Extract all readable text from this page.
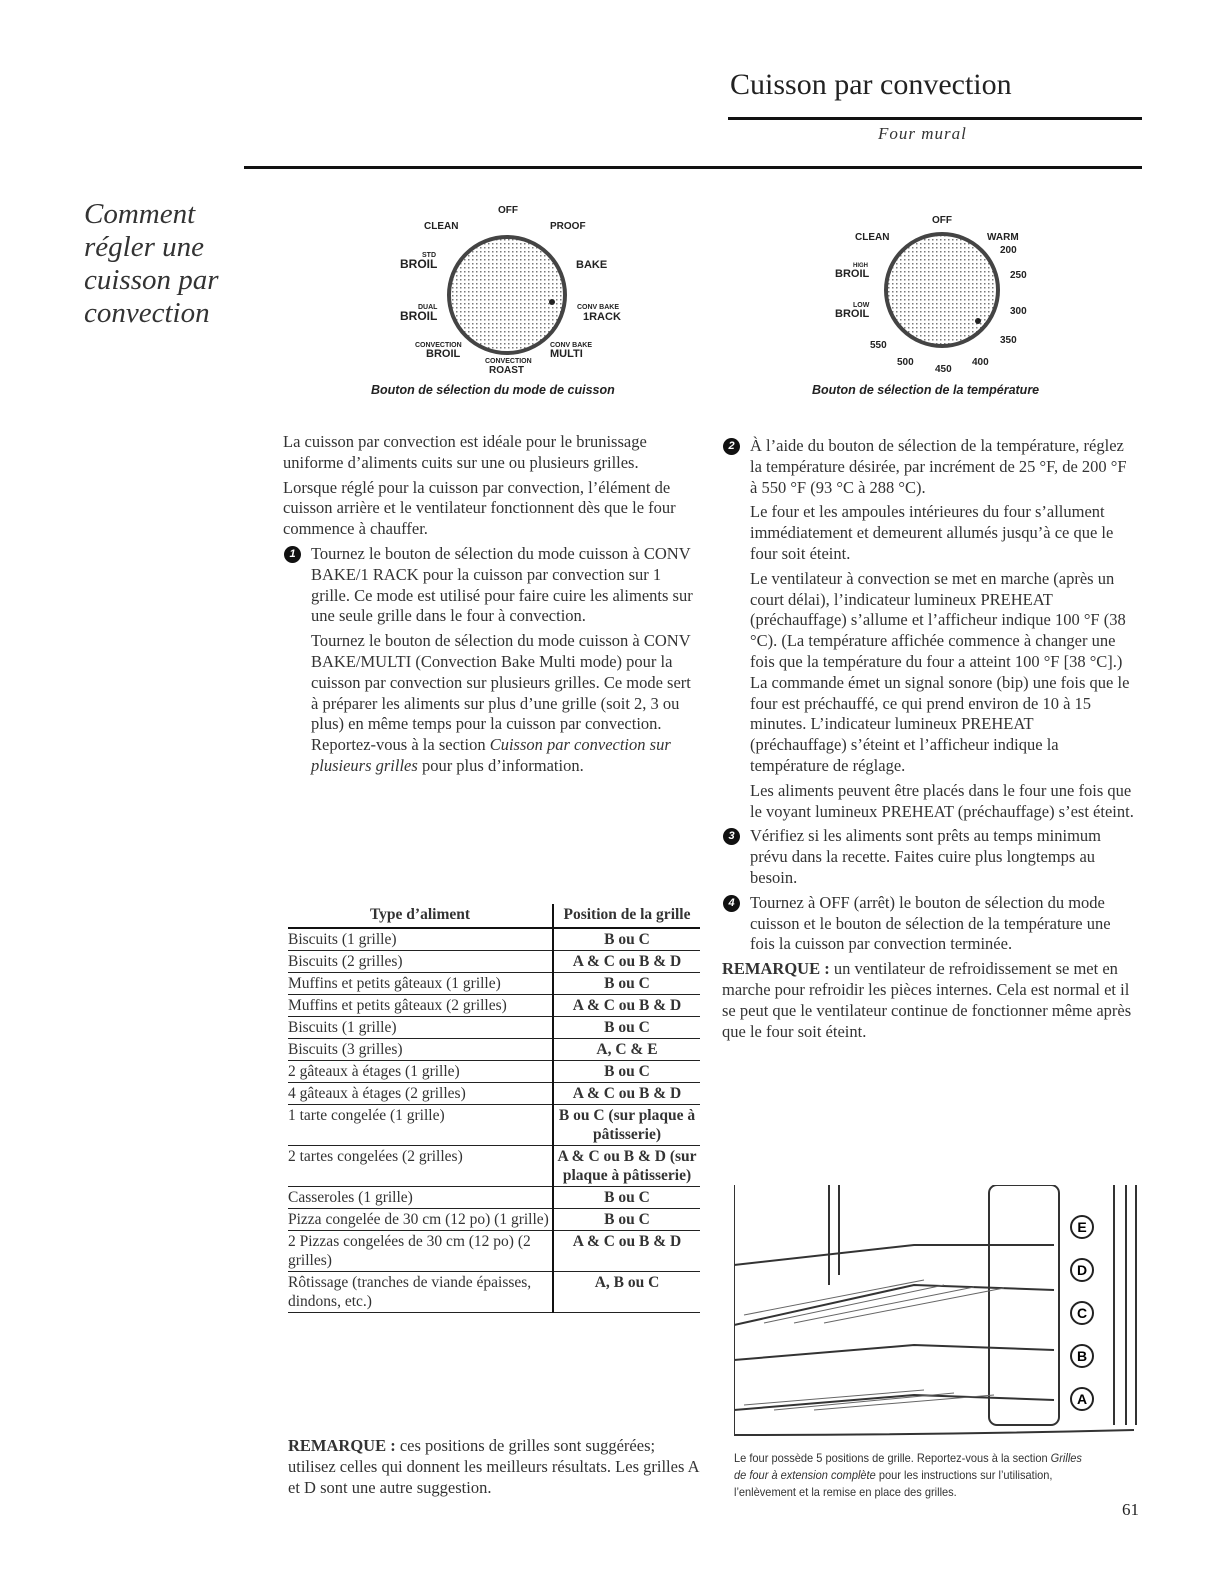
Cuisson par convection
Four mural
Comment
régler une
cuisson par
convection
OFF
CLEAN	PROOF
STD
BROIL	BAKE
DUAL
BROIL
CONV BAKE
1RACK
CONVECTION
BROIL
CONV BAKE
MULTI
CONVECTION
ROAST
Bouton de sélection du mode de cuisson
OFF
CLEAN	WARM
200
HIGH
BROIL	250
LOW
BROIL	300
550	350
500
450
400
Bouton de sélection de la température

La cuisson par convection est idéale pour le brunissage uniforme d’aliments cuits sur une ou plusieurs grilles.

Lorsque réglé pour la cuisson par convection, l’élément de cuisson arrière et le ventilateur fonctionnent dès que le four commence à chauffer.

1 Tournez le bouton de sélection du mode cuisson à CONV BAKE/1 RACK pour la cuisson par convection sur 1 grille. Ce mode est utilisé pour faire cuire les aliments sur une seule grille dans le four à convection.

Tournez le bouton de sélection du mode cuisson à CONV BAKE/MULTI (Convection Bake Multi mode) pour la cuisson par convection sur plusieurs grilles. Ce mode sert à préparer les aliments sur plus d’une grille (soit 2, 3 ou plus) en même temps pour la cuisson par convection. Reportez-vous à la section Cuisson par convection sur plusieurs grilles pour plus d’information.

Type d’aliment	Position de la grille
Biscuits (1 grille)	B ou C
Biscuits (2 grilles)	A & C ou B & D
Muffins et petits gâteaux (1 grille)	B ou C
Muffins et petits gâteaux (2 grilles)	A & C ou B & D
Biscuits (1 grille)	B ou C
Biscuits (3 grilles)	A, C & E
2 gâteaux à étages (1 grille)	B ou C
4 gâteaux à étages (2 grilles)	A & C ou B & D
1 tarte congelée (1 grille)	B ou C (sur plaque à pâtisserie)
2 tartes congelées (2 grilles)	A & C ou B & D (sur plaque à pâtisserie)
Casseroles (1 grille)	B ou C
Pizza congelée de 30 cm (12 po) (1 grille)	B ou C
2 Pizzas congelées de 30 cm (12 po) (2 grilles)	A & C ou B & D
Rôtissage (tranches de viande épaisses, dindons, etc.)	A, B ou C

REMARQUE : ces positions de grilles sont suggérées; utilisez celles qui donnent les meilleurs résultats. Les grilles A et D sont une autre suggestion.

2 À l’aide du bouton de sélection de la température, réglez la température désirée, par incrément de 25 °F, de 200 °F à 550 °F (93 °C à 288 °C).

Le four et les ampoules intérieures du four s’allument immédiatement et demeurent allumés jusqu’à ce que le four soit éteint.

Le ventilateur à convection se met en marche (après un court délai), l’indicateur lumineux PREHEAT (préchauffage) s’allume et l’afficheur indique 100 °F (38 °C). (La température affichée commence à changer une fois que la température du four a atteint 100 °F [38 °C].) La commande émet un signal sonore (bip) une fois que le four est préchauffé, ce qui prend environ de 10 à 15 minutes. L’indicateur lumineux PREHEAT (préchauffage) s’éteint et l’afficheur indique la température de réglage.

Les aliments peuvent être placés dans le four une fois que le voyant lumineux PREHEAT (préchauffage) s’est éteint.

3 Vérifiez si les aliments sont prêts au temps minimum prévu dans la recette. Faites cuire plus longtemps au besoin.

4 Tournez à OFF (arrêt) le bouton de sélection du mode cuisson et le bouton de sélection de la température une fois la cuisson par convection terminée.

REMARQUE : un ventilateur de refroidissement se met en marche pour refroidir les pièces internes. Cela est normal et il se peut que le ventilateur continue de fonctionner même après que le four soit éteint.

E
D
C
B
A
Le four possède 5 positions de grille. Reportez-vous à la section Grilles de four à extension complète pour les instructions sur l’utilisation, l’enlèvement et la remise en place des grilles.
61
